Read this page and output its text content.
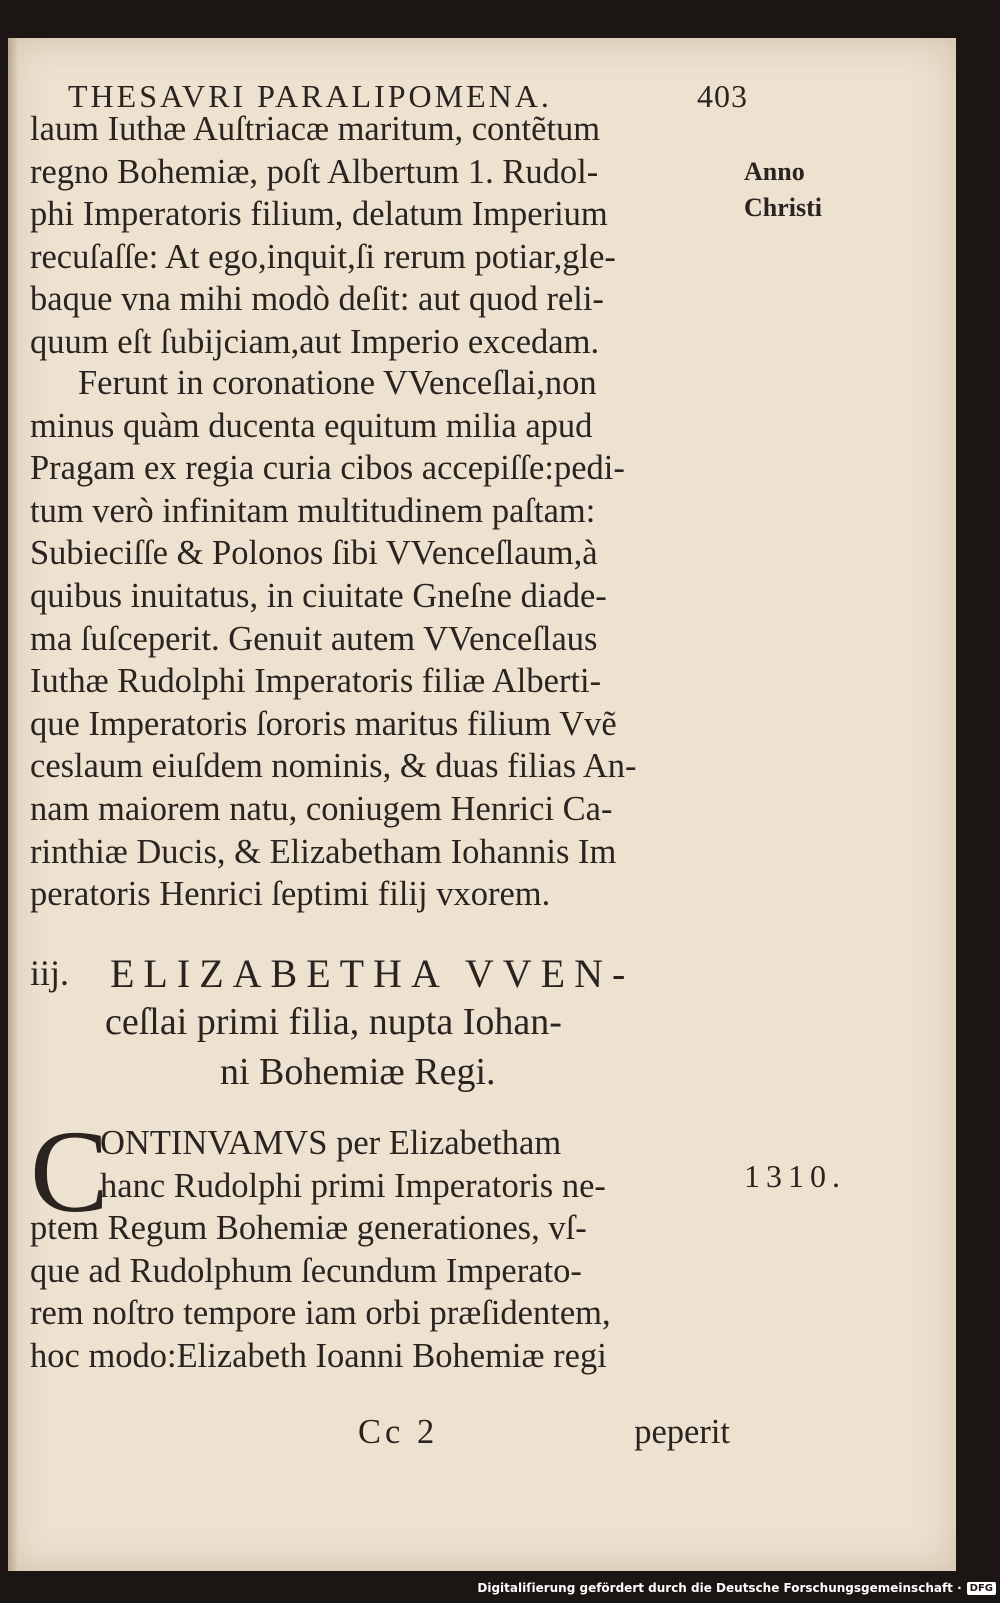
THESAVRI PARALIPOMENA.	403
Anno
Christi
laum Iuthæ Auſtriacæ maritum, contẽtum
regno Bohemiæ, poſt Albertum 1. Rudol-
phi Imperatoris filium, delatum Imperium
recuſaſſe: At ego,inquit,ſi rerum potiar,gle-
baque vna mihi modò deſit: aut quod reli-
quum eſt ſubijciam,aut Imperio excedam.
Ferunt in coronatione VVenceſlai,non
minus quàm ducenta equitum milia apud
Pragam ex regia curia cibos accepiſſe:pedi-
tum verò infinitam multitudinem paſtam:
Subieciſſe & Polonos ſibi VVenceſlaum,à
quibus inuitatus, in ciuitate Gneſne diade-
ma ſuſceperit. Genuit autem VVenceſlaus
Iuthæ Rudolphi Imperatoris filiæ Alberti-
que Imperatoris ſororis maritus filium Vvẽ
ceslaum eiuſdem nominis, & duas filias An-
nam maiorem natu, coniugem Henrici Ca-
rinthiæ Ducis, & Elizabetham Iohannis Im
peratoris Henrici ſeptimi filij vxorem.
iij. ELIZABETHA VVEN-
ceſlai primi filia, nupta Iohan-
ni Bohemiæ Regi.
1310.
C
ONTINVAMVS per Elizabetham
hanc Rudolphi primi Imperatoris ne-
ptem Regum Bohemiæ generationes, vſ-
que ad Rudolphum ſecundum Imperato-
rem noſtro tempore iam orbi præſidentem,
hoc modo:Elizabeth Ioanni Bohemiæ regi
Cc 2	peperit
Digitaliſierung gefördert durch die Deutsche Forschungsgemeinschaft · DFG
